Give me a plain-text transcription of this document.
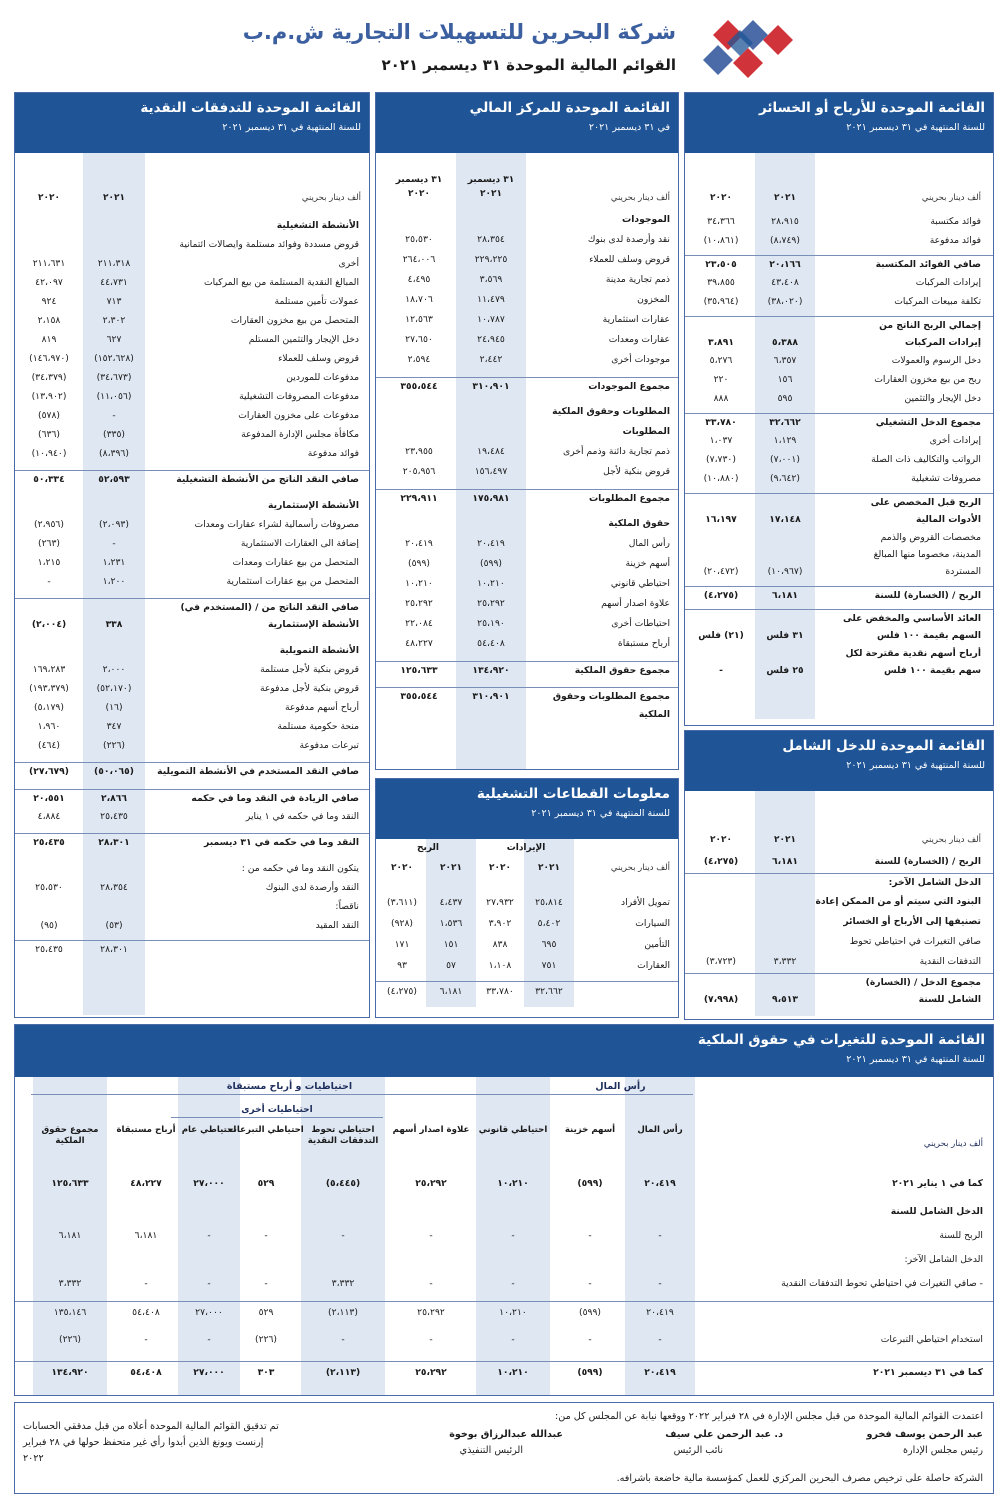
شركة البحرين للتسهيلات التجارية ش.م.ب
القوائم المالية الموحدة ٣١ ديسمبر ٢٠٢١
القائمة الموحدة للأرباح أو الخسائر
للسنة المنتهية في ٣١ ديسمبر ٢٠٢١
ألف دينار بحريني
٢٠٢١
٢٠٢٠
فوائد مكتسبة
٢٨،٩١٥
٣٤،٣٦٦
فوائد مدفوعة
(٨،٧٤٩)
(١٠،٨٦١)
صافي الفوائد المكتسبة
٢٠،١٦٦
٢٣،٥٠٥
إيرادات المركبات
٤٣،٤٠٨
٣٩،٨٥٥
تكلفة مبيعات المركبات
(٣٨،٠٢٠)
(٣٥،٩٦٤)
إجمالي الربح الناتج من
إيرادات المركبات
٥،٣٨٨
٣،٨٩١
دخل الرسوم والعمولات
٦،٣٥٧
٥،٢٧٦
ربح من بيع مخزون العقارات
١٥٦
٢٢٠
دخل الإيجار والتثمين
٥٩٥
٨٨٨
مجموع الدخل التشغيلي
٣٢،٦٦٢
٣٣،٧٨٠
إيرادات أخرى
١،١٢٩
١،٠٣٧
الرواتب والتكاليف ذات الصلة
(٧،٠٠١)
(٧،٧٣٠)
مصروفات تشغيلية
(٩،٦٤٢)
(١٠،٨٨٠)
الربح قبل المخصص على
الأدوات المالية
١٧،١٤٨
١٦،١٩٧
مخصصات القروض والذمم
المدينة، مخصوما منها المبالغ
المستردة
(١٠،٩٦٧)
(٢٠،٤٧٢)
الربح / (الخسارة) للسنة
٦،١٨١
(٤،٢٧٥)
العائد الأساسي والمخفض على
السهم بقيمة ١٠٠ فلس
٣١ فلس
(٢١) فلس
أرباح أسهم نقدية مقترحة لكل
سهم بقيمة ١٠٠ فلس
٢٥ فلس
-
القائمة الموحدة للدخل الشامل
للسنة المنتهية في ٣١ ديسمبر ٢٠٢١
ألف دينار بحريني
٢٠٢١
٢٠٢٠
الربح / (الخسارة) للسنة
٦،١٨١
(٤،٢٧٥)
الدخل الشامل الآخر:
البنود التي سيتم أو من الممكن إعادة
تصنيفها إلى الأرباح أو الخسائر
صافي التغيرات في احتياطي تحوط
التدفقات النقدية
٣،٣٣٢
(٣،٧٢٣)
مجموع الدخل / (الخسارة)
الشامل للسنة
٩،٥١٣
(٧،٩٩٨)
القائمة الموحدة للمركز المالي
في ٣١ ديسمبر ٢٠٢١
ألف دينار بحريني
٣١ ديسمبر
٢٠٢١
٣١ ديسمبر
٢٠٢٠
الموجودات
نقد وأرصدة لدى بنوك
٢٨،٣٥٤
٢٥،٥٣٠
قروض وسلف للعملاء
٢٢٩،٢٢٥
٢٦٤،٠٠٦
ذمم تجارية مدينة
٣،٥٦٩
٤،٤٩٥
المخزون
١١،٤٧٩
١٨،٧٠٦
عقارات استثمارية
١٠،٧٨٧
١٢،٥٦٣
عقارات ومعدات
٢٤،٩٤٥
٢٧،٦٥٠
موجودات أخرى
٢،٤٤٢
٢،٥٩٤
مجموع الموجودات
٣١٠،٩٠١
٣٥٥،٥٤٤
المطلوبات وحقوق الملكية
المطلوبات
ذمم تجارية دائنة وذمم أخرى
١٩،٤٨٤
٢٣،٩٥٥
قروض بنكية لأجل
١٥٦،٤٩٧
٢٠٥،٩٥٦
مجموع المطلوبات
١٧٥،٩٨١
٢٢٩،٩١١
حقوق الملكية
رأس المال
٢٠،٤١٩
٢٠،٤١٩
أسهم خزينة
(٥٩٩)
(٥٩٩)
احتياطي قانوني
١٠،٢١٠
١٠،٢١٠
علاوة اصدار أسهم
٢٥،٢٩٢
٢٥،٢٩٢
احتياطات أخرى
٢٥،١٩٠
٢٢،٠٨٤
أرباح مستبقاة
٥٤،٤٠٨
٤٨،٢٢٧
مجموع حقوق الملكية
١٣٤،٩٢٠
١٢٥،٦٣٣
مجموع المطلوبات وحقوق الملكية
٣١٠،٩٠١
٣٥٥،٥٤٤
معلومات القطاعات التشغيلية
للسنة المنتهية في ٣١ ديسمبر ٢٠٢١
ألف دينار بحريني
الإيرادات
الربح
٢٠٢١
٢٠٢٠
٢٠٢١
٢٠٢٠
تمويل الأفراد
٢٥،٨١٤
٢٧،٩٣٢
٤،٤٣٧
(٣،٦١١)
السيارات
٥،٤٠٢
٣،٩٠٢
١،٥٣٦
(٩٢٨)
التأمين
٦٩٥
٨٣٨
١٥١
١٧١
العقارات
٧٥١
١،١٠٨
٥٧
٩٣
٣٢،٦٦٢
٣٣،٧٨٠
٦،١٨١
(٤،٢٧٥)
القائمة الموحدة للتدفقات النقدية
للسنة المنتهية في ٣١ ديسمبر ٢٠٢١
ألف دينار بحريني
٢٠٢١
٢٠٢٠
الأنشطة التشغيلية
قروض مسددة وفوائد مستلمة وايصالات ائتمانية
أخرى
٢١١،٣١٨
٢١١،٦٣١
المبالغ النقدية المستلمة من بيع المركبات
٤٤،٧٣١
٤٢،٠٩٧
عمولات تأمين مستلمة
٧١٣
٩٢٤
المتحصل من بيع مخزون العقارات
٢،٣٠٢
٢،١٥٨
دخل الإيجار والتثمين المستلم
٦٢٧
٨١٩
قروض وسلف للعملاء
(١٥٢،٦٢٨)
(١٤٦،٩٧٠)
مدفوعات للموردين
(٣٤،٦٧٣)
(٣٤،٣٧٩)
مدفوعات المصروفات التشغيلية
(١١،٠٥٦)
(١٣،٩٠٢)
مدفوعات على مخزون العقارات
-
(٥٧٨)
مكافأة مجلس الإدارة المدفوعة
(٣٣٥)
(٦٣٦)
فوائد مدفوعة
(٨،٣٩٦)
(١٠،٩٤٠)
صافي النقد الناتج من الأنشطة التشغيلية
٥٢،٥٩٣
٥٠،٣٣٤
الأنشطة الإستثمارية
مصروفات رأسمالية لشراء عقارات ومعدات
(٢،٠٩٣)
(٢،٩٥٦)
إضافة الى العقارات الاستثمارية
-
(٢٦٣)
المتحصل من بيع عقارات ومعدات
١،٢٣١
١،٢١٥
المتحصل من بيع عقارات استثمارية
١،٢٠٠
-
صافي النقد الناتج من / (المستخدم في)
الأنشطة الإستثمارية
٣٣٨
(٢،٠٠٤)
الأنشطة التمويلية
قروض بنكية لأجل مستلمة
٢،٠٠٠
١٦٩،٢٨٣
قروض بنكية لأجل مدفوعة
(٥٢،١٧٠)
(١٩٣،٣٧٩)
أرباح أسهم مدفوعة
(١٦)
(٥،١٧٩)
منحة حكومية مستلمة
٣٤٧
١،٩٦٠
تبرعات مدفوعة
(٢٢٦)
(٤٦٤)
صافي النقد المستخدم في الأنشطة التمويلية
(٥٠،٠٦٥)
(٢٧،٦٧٩)
صافي الزيادة في النقد وما في حكمه
٢،٨٦٦
٢٠،٥٥١
النقد وما في حكمه في ١ يناير
٢٥،٤٣٥
٤،٨٨٤
النقد وما في حكمه في ٣١ ديسمبر
٢٨،٣٠١
٢٥،٤٣٥
يتكون النقد وما في حكمه من :
النقد وأرصدة لدى البنوك
٢٨،٣٥٤
٢٥،٥٣٠
ناقصاً:
النقد المقيد
(٥٣)
(٩٥)
٢٨،٣٠١
٢٥،٤٣٥
القائمة الموحدة للتغيرات في حقوق الملكية
للسنة المنتهية في ٣١ ديسمبر ٢٠٢١
رأس المال
احتياطيات و أرباح مستبقاة
احتياطيات أخرى
ألف دينار بحريني
رأس المال
أسهم خزينة
احتياطي قانوني
علاوة اصدار أسهم
احتياطي تحوط التدفقات النقدية
احتياطي التبرعات
احتياطي عام
أرباح مستبقاة
مجموع حقوق الملكية
كما في ١ يناير ٢٠٢١
٢٠،٤١٩
(٥٩٩)
١٠،٢١٠
٢٥،٢٩٢
(٥،٤٤٥)
٥٢٩
٢٧،٠٠٠
٤٨،٢٢٧
١٢٥،٦٣٣
الدخل الشامل للسنة
الربح للسنة
-
-
-
-
-
-
-
٦،١٨١
٦،١٨١
الدخل الشامل الآخر:
- صافي التغيرات في احتياطي تحوط التدفقات النقدية
-
-
-
-
٣،٣٣٢
-
-
-
٣،٣٣٢
٢٠،٤١٩
(٥٩٩)
١٠،٢١٠
٢٥،٢٩٢
(٢،١١٣)
٥٢٩
٢٧،٠٠٠
٥٤،٤٠٨
١٣٥،١٤٦
استخدام احتياطي التبرعات
-
-
-
-
-
(٢٢٦)
-
-
(٢٢٦)
كما في ٣١ ديسمبر ٢٠٢١
٢٠،٤١٩
(٥٩٩)
١٠،٢١٠
٢٥،٢٩٢
(٢،١١٣)
٣٠٣
٢٧،٠٠٠
٥٤،٤٠٨
١٣٤،٩٢٠
اعتمدت القوائم المالية الموحدة من قبل مجلس الإدارة في ٢٨ فبراير ٢٠٢٢ ووقعها نيابة عن المجلس كل من:
عبد الرحمن يوسف فخرو
رئيس مجلس الإدارة
د. عبد الرحمن علي سيف
نائب الرئيس
عبدالله عبدالرزاق بوخوة
الرئيس التنفيذي
تم تدقيق القوائم المالية الموحدة أعلاه من قبل مدققي الحسابات
إرنست ويونغ الذين أبدوا رأي غير متحفظ حولها في ٢٨ فبراير
٢٠٢٢
الشركة حاصلة على ترخيص مصرف البحرين المركزي للعمل كمؤسسة مالية خاضعة باشرافه.
